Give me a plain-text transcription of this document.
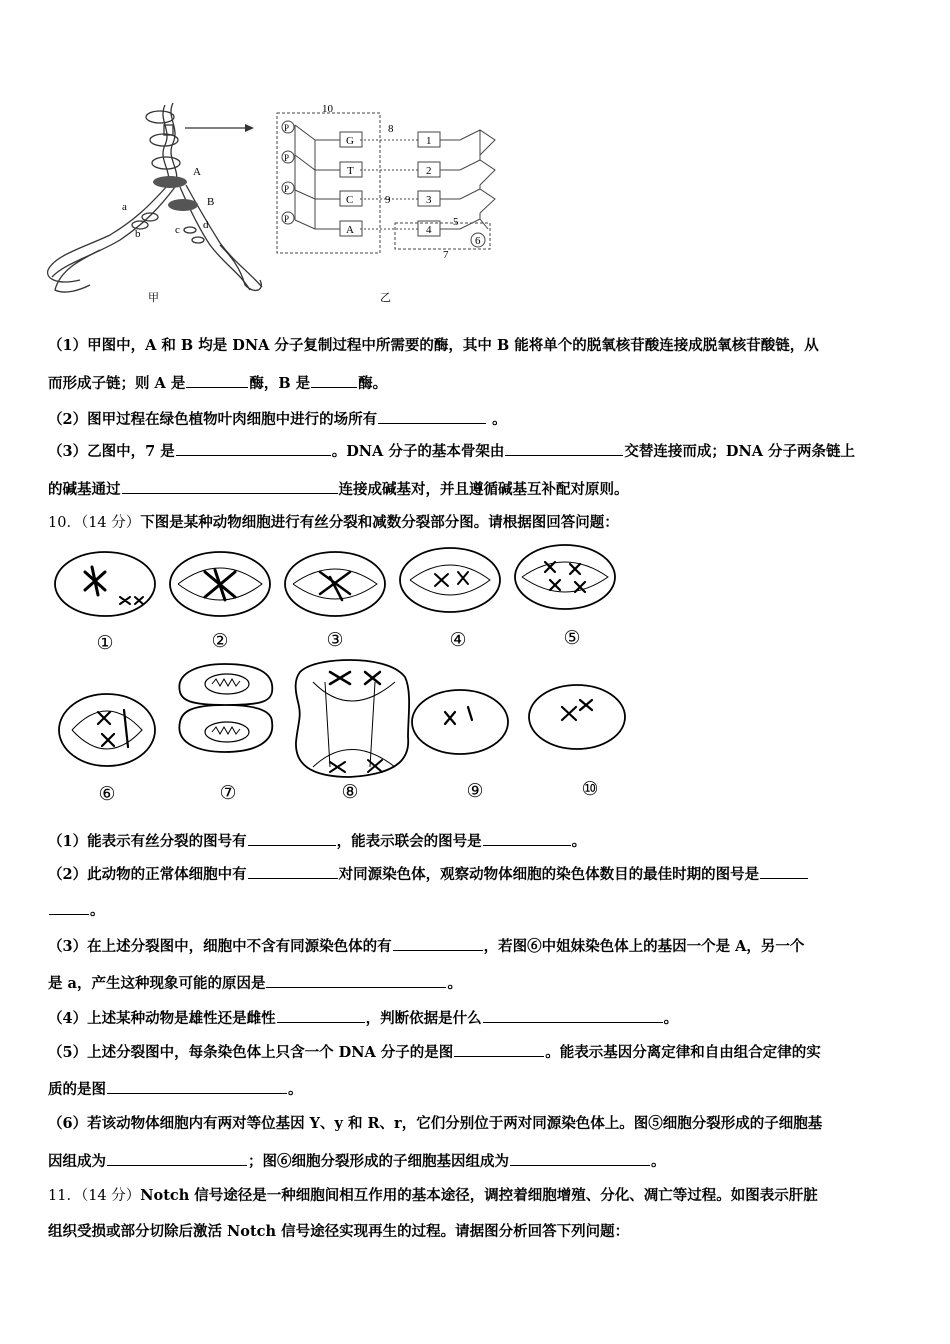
A
B
a
b	c d
甲
10
8
9
7
5
6
G
T
C
A
1
2
3
4
P
P
P
P
乙
（1）甲图中，A 和 B 均是 DNA 分子复制过程中所需要的酶，其中 B 能将单个的脱氧核苷酸连接成脱氧核苷酸链，从
而形成子链；则 A 是	酶，B 是	酶。
（2）图甲过程在绿色植物叶肉细胞中进行的场所有	。
（3）乙图中，7 是	。DNA 分子的基本骨架由	交替连接而成；DNA 分子两条链上
的碱基通过	连接成碱基对，并且遵循碱基互补配对原则。
10．（14 分）下图是某种动物细胞进行有丝分裂和减数分裂部分图。请根据图回答问题：
①	②	③	④	⑤
⑥	⑦	⑧	⑨	⑩
（1）能表示有丝分裂的图号有	，能表示联会的图号是	。
（2）此动物的正常体细胞中有	对同源染色体，观察动物体细胞的染色体数目的最佳时期的图号是
。
（3）在上述分裂图中，细胞中不含有同源染色体的有	，若图⑥中姐妹染色体上的基因一个是 A，另一个
是 a，产生这种现象可能的原因是	。
（4）上述某种动物是雄性还是雌性	，判断依据是什么	。
（5）上述分裂图中，每条染色体上只含一个 DNA 分子的是图	。能表示基因分离定律和自由组合定律的实
质的是图	。
（6）若该动物体细胞内有两对等位基因 Y、y 和 R、r，它们分别位于两对同源染色体上。图⑤细胞分裂形成的子细胞基
因组成为	；图⑥细胞分裂形成的子细胞基因组成为	。
11．（14 分）Notch 信号途径是一种细胞间相互作用的基本途径，调控着细胞增殖、分化、凋亡等过程。如图表示肝脏
组织受损或部分切除后激活 Notch 信号途径实现再生的过程。请据图分析回答下列问题：
